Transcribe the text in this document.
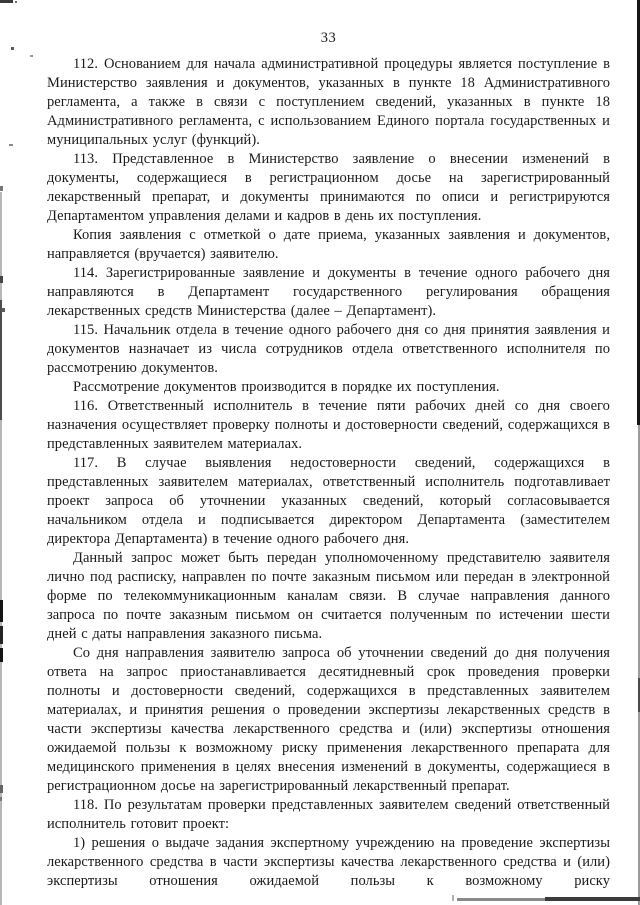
33

112. Основанием для начала административной процедуры является поступление в Министерство заявления и документов, указанных в пункте 18 Административного регламента, а также в связи с поступлением сведений, указанных в пункте 18 Административного регламента, с использованием Единого портала государственных и муниципальных услуг (функций).

113. Представленное в Министерство заявление о внесении изменений в документы, содержащиеся в регистрационном досье на зарегистрированный лекарственный препарат, и документы принимаются по описи и регистрируются Департаментом управления делами и кадров в день их поступления.

Копия заявления с отметкой о дате приема, указанных заявления и документов, направляется (вручается) заявителю.

114. Зарегистрированные заявление и документы в течение одного рабочего дня направляются в Департамент государственного регулирования обращения лекарственных средств Министерства (далее – Департамент).

115. Начальник отдела в течение одного рабочего дня со дня принятия заявления и документов назначает из числа сотрудников отдела ответственного исполнителя по рассмотрению документов.

Рассмотрение документов производится в порядке их поступления.

116. Ответственный исполнитель в течение пяти рабочих дней со дня своего назначения осуществляет проверку полноты и достоверности сведений, содержащихся в представленных заявителем материалах.

117. В случае выявления недостоверности сведений, содержащихся в представленных заявителем материалах, ответственный исполнитель подготавливает проект запроса об уточнении указанных сведений, который согласовывается начальником отдела и подписывается директором Департамента (заместителем директора Департамента) в течение одного рабочего дня.

Данный запрос может быть передан уполномоченному представителю заявителя лично под расписку, направлен по почте заказным письмом или передан в электронной форме по телекоммуникационным каналам связи. В случае направления данного запроса по почте заказным письмом он считается полученным по истечении шести дней с даты направления заказного письма.

Со дня направления заявителю запроса об уточнении сведений до дня получения ответа на запрос приостанавливается десятидневный срок проведения проверки полноты и достоверности сведений, содержащихся в представленных заявителем материалах, и принятия решения о проведении экспертизы лекарственных средств в части экспертизы качества лекарственного средства и (или) экспертизы отношения ожидаемой пользы к возможному риску применения лекарственного препарата для медицинского применения в целях внесения изменений в документы, содержащиеся в регистрационном досье на зарегистрированный лекарственный препарат.

118. По результатам проверки представленных заявителем сведений ответственный исполнитель готовит проект:

1) решения о выдаче задания экспертному учреждению на проведение экспертизы лекарственного средства в части экспертизы качества лекарственного средства и (или) экспертизы отношения ожидаемой пользы к возможному риску
